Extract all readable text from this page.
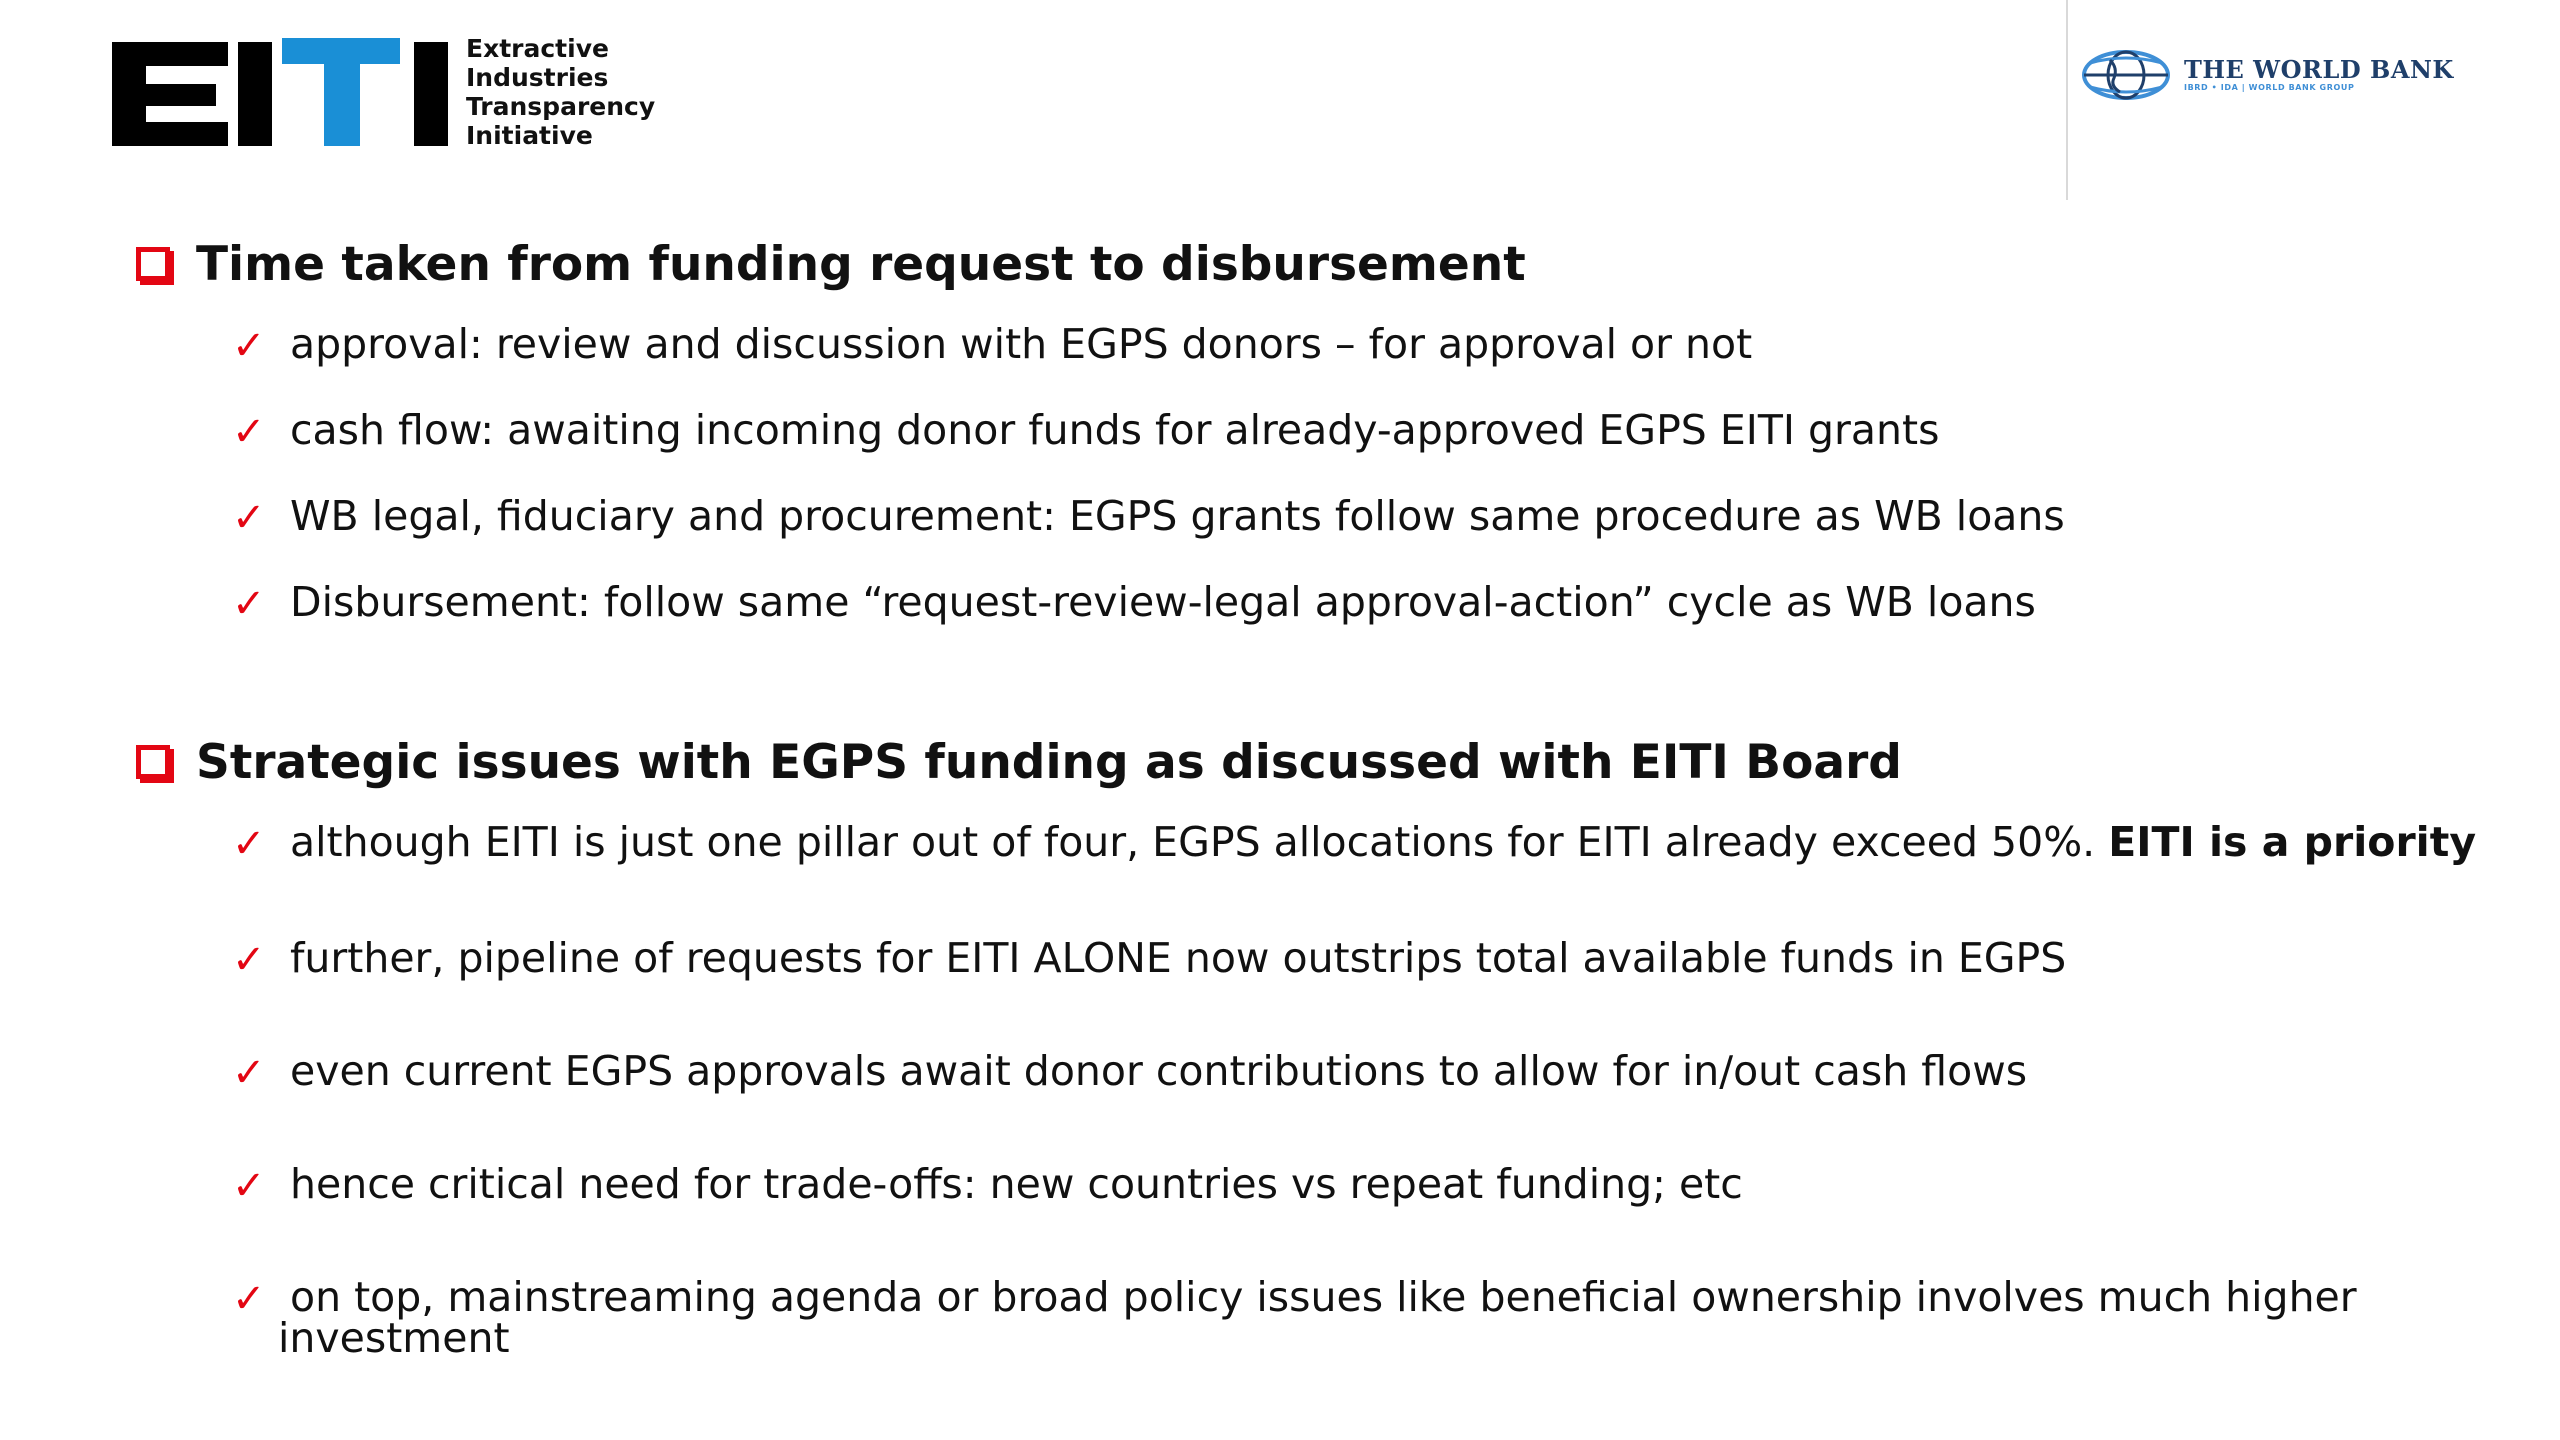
Extractive
Industries
Transparency
Initiative
THE WORLD BANK
IBRD • IDA | WORLD BANK GROUP
Time taken from funding request to disbursement
✓ approval: review and discussion with EGPS donors – for approval or not
✓ cash flow: awaiting incoming donor funds for already-approved EGPS EITI grants
✓ WB legal, fiduciary and procurement: EGPS grants follow same procedure as WB loans
✓ Disbursement: follow same “request-review-legal approval-action” cycle as WB loans
Strategic issues with EGPS funding as discussed with EITI Board
✓ although EITI is just one pillar out of four, EGPS allocations for EITI already exceed 50%. EITI is a priority
✓ further, pipeline of requests for EITI ALONE now outstrips total available funds in EGPS
✓ even current EGPS approvals await donor contributions to allow for in/out cash flows
✓ hence critical need for trade-offs: new countries vs repeat funding; etc
✓ on top, mainstreaming agenda or broad policy issues like beneficial ownership involves much higher
investment
